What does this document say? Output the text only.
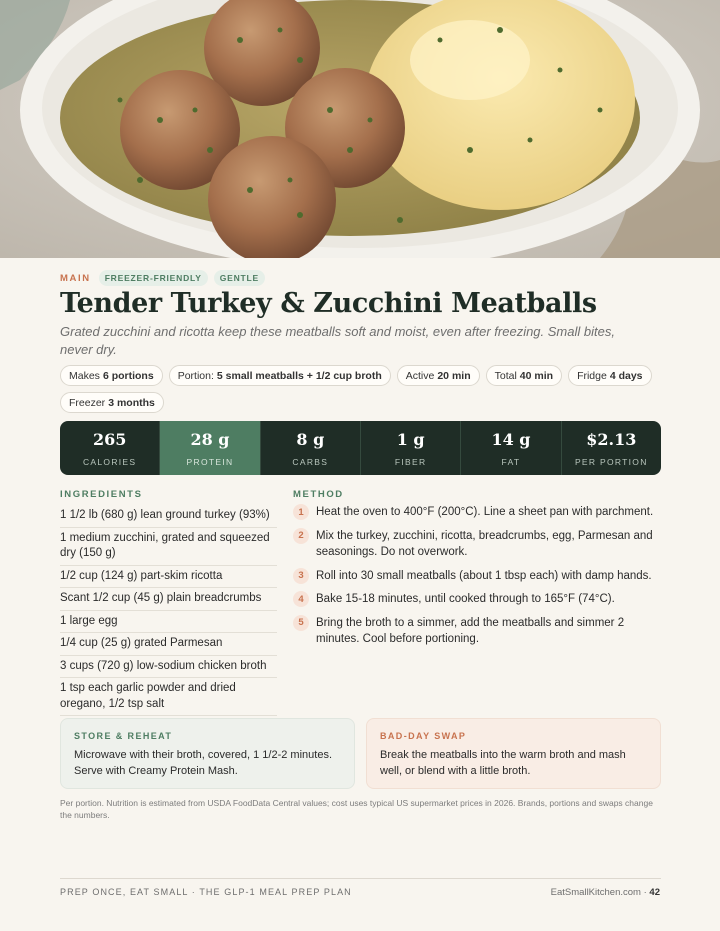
MAIN	FREEZER-FRIENDLY	GENTLE
Tender Turkey & Zucchini Meatballs

Grated zucchini and ricotta keep these meatballs soft and moist, even after freezing. Small bites, never dry.

Makes 6 portions Portion: 5 small meatballs + 1/2 cup broth Active 20 min Total 40 min Fridge 4 days
Freezer 3 months
265
CALORIES
28 g
PROTEIN
8 g
CARBS
1 g
FIBER
14 g
FAT
$2.13
PER PORTION
INGREDIENTS
1 1/2 lb (680 g) lean ground turkey (93%)
1 medium zucchini, grated and squeezed dry (150 g)
1/2 cup (124 g) part-skim ricotta
Scant 1/2 cup (45 g) plain breadcrumbs
1 large egg
1/4 cup (25 g) grated Parmesan
3 cups (720 g) low-sodium chicken broth
1 tsp each garlic powder and dried oregano, 1/2 tsp salt
METHOD
1	Heat the oven to 400°F (200°C). Line a sheet pan with parchment.
2	Mix the turkey, zucchini, ricotta, breadcrumbs, egg, Parmesan and seasonings. Do not overwork.
3	Roll into 30 small meatballs (about 1 tbsp each) with damp hands.
4	Bake 15-18 minutes, until cooked through to 165°F (74°C).
5	Bring the broth to a simmer, add the meatballs and simmer 2 minutes. Cool before portioning.
STORE & REHEAT
Microwave with their broth, covered, 1 1/2-2 minutes. Serve with Creamy Protein Mash.
BAD-DAY SWAP
Break the meatballs into the warm broth and mash well, or blend with a little broth.

Per portion. Nutrition is estimated from USDA FoodData Central values; cost uses typical US supermarket prices in 2026. Brands, portions and swaps change the numbers.

PREP ONCE, EAT SMALL · THE GLP-1 MEAL PREP PLAN	EatSmallKitchen.com · 42
